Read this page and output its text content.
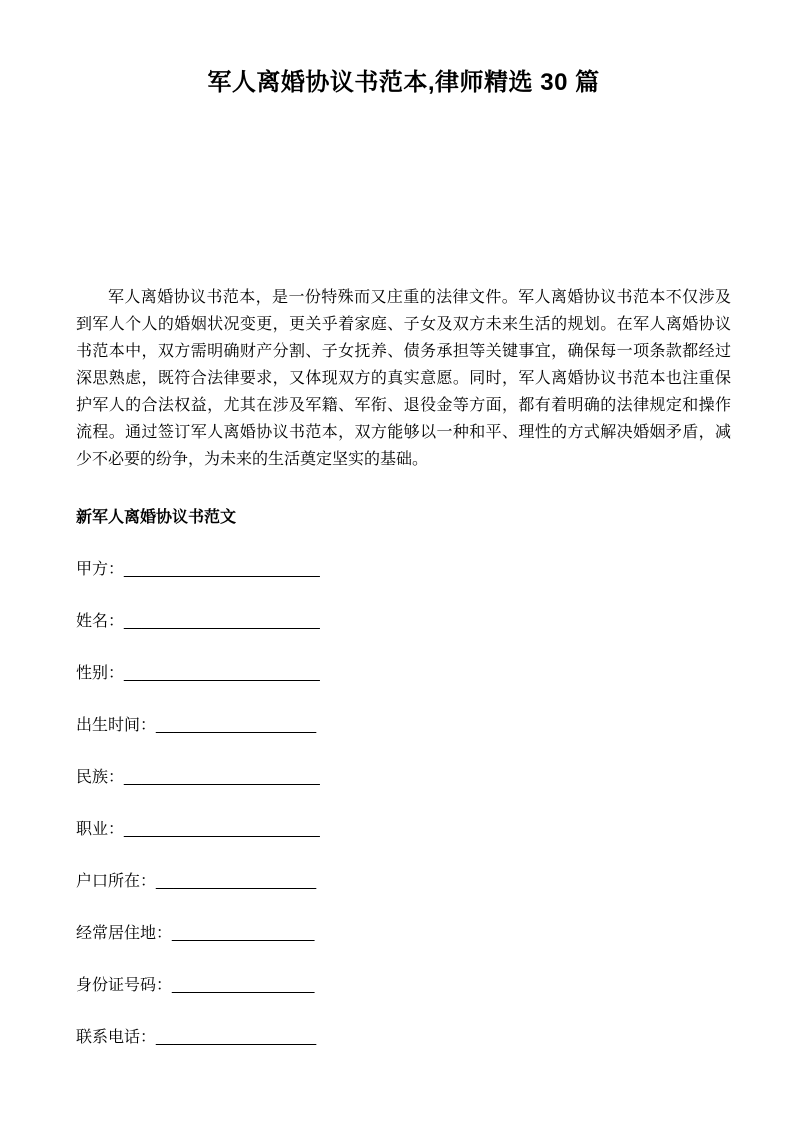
军人离婚协议书范本,律师精选 30 篇

军人离婚协议书范本，是一份特殊而又庄重的法律文件。军人离婚协议书范本不仅涉及到军人个人的婚姻状况变更，更关乎着家庭、子女及双方未来生活的规划。在军人离婚协议书范本中，双方需明确财产分割、子女抚养、债务承担等关键事宜，确保每一项条款都经过深思熟虑，既符合法律要求，又体现双方的真实意愿。同时，军人离婚协议书范本也注重保护军人的合法权益，尤其在涉及军籍、军衔、退役金等方面，都有着明确的法律规定和操作流程。通过签订军人离婚协议书范本，双方能够以一种和平、理性的方式解决婚姻矛盾，减少不必要的纷争，为未来的生活奠定坚实的基础。

新军人离婚协议书范文

甲方：______________________

姓名：______________________

性别：______________________

出生时间：__________________

民族：______________________

职业：______________________

户口所在：__________________

经常居住地：________________

身份证号码：________________

联系电话：__________________
